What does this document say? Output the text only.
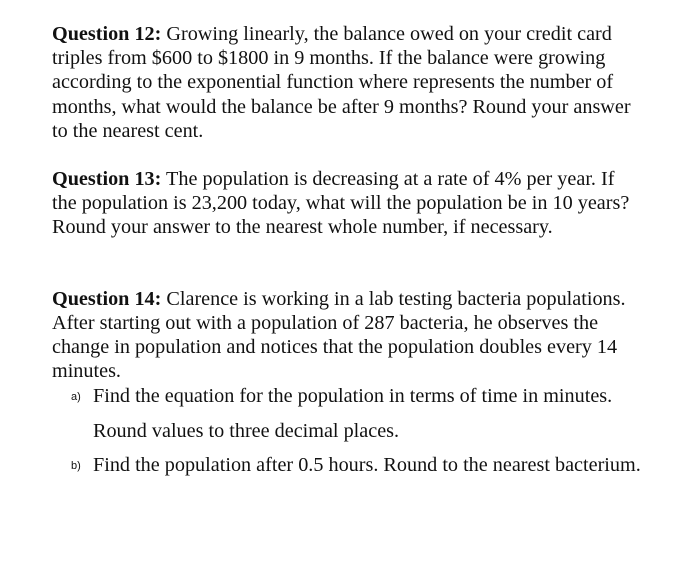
Question 12: Growing linearly, the balance owed on your credit card triples from $600 to $1800 in 9 months. If the balance were growing according to the exponential function where represents the number of months, what would the balance be after 9 months? Round your answer to the nearest cent.

Question 13: The population is decreasing at a rate of 4% per year. If the population is 23,200 today, what will the population be in 10 years? Round your answer to the nearest whole number, if necessary.

Question 14: Clarence is working in a lab testing bacteria populations. After starting out with a population of 287 bacteria, he observes the change in population and notices that the population doubles every 14 minutes.

a) Find the equation for the population in terms of time in minutes.
Round values to three decimal places.
b) Find the population after 0.5 hours. Round to the nearest bacterium.
